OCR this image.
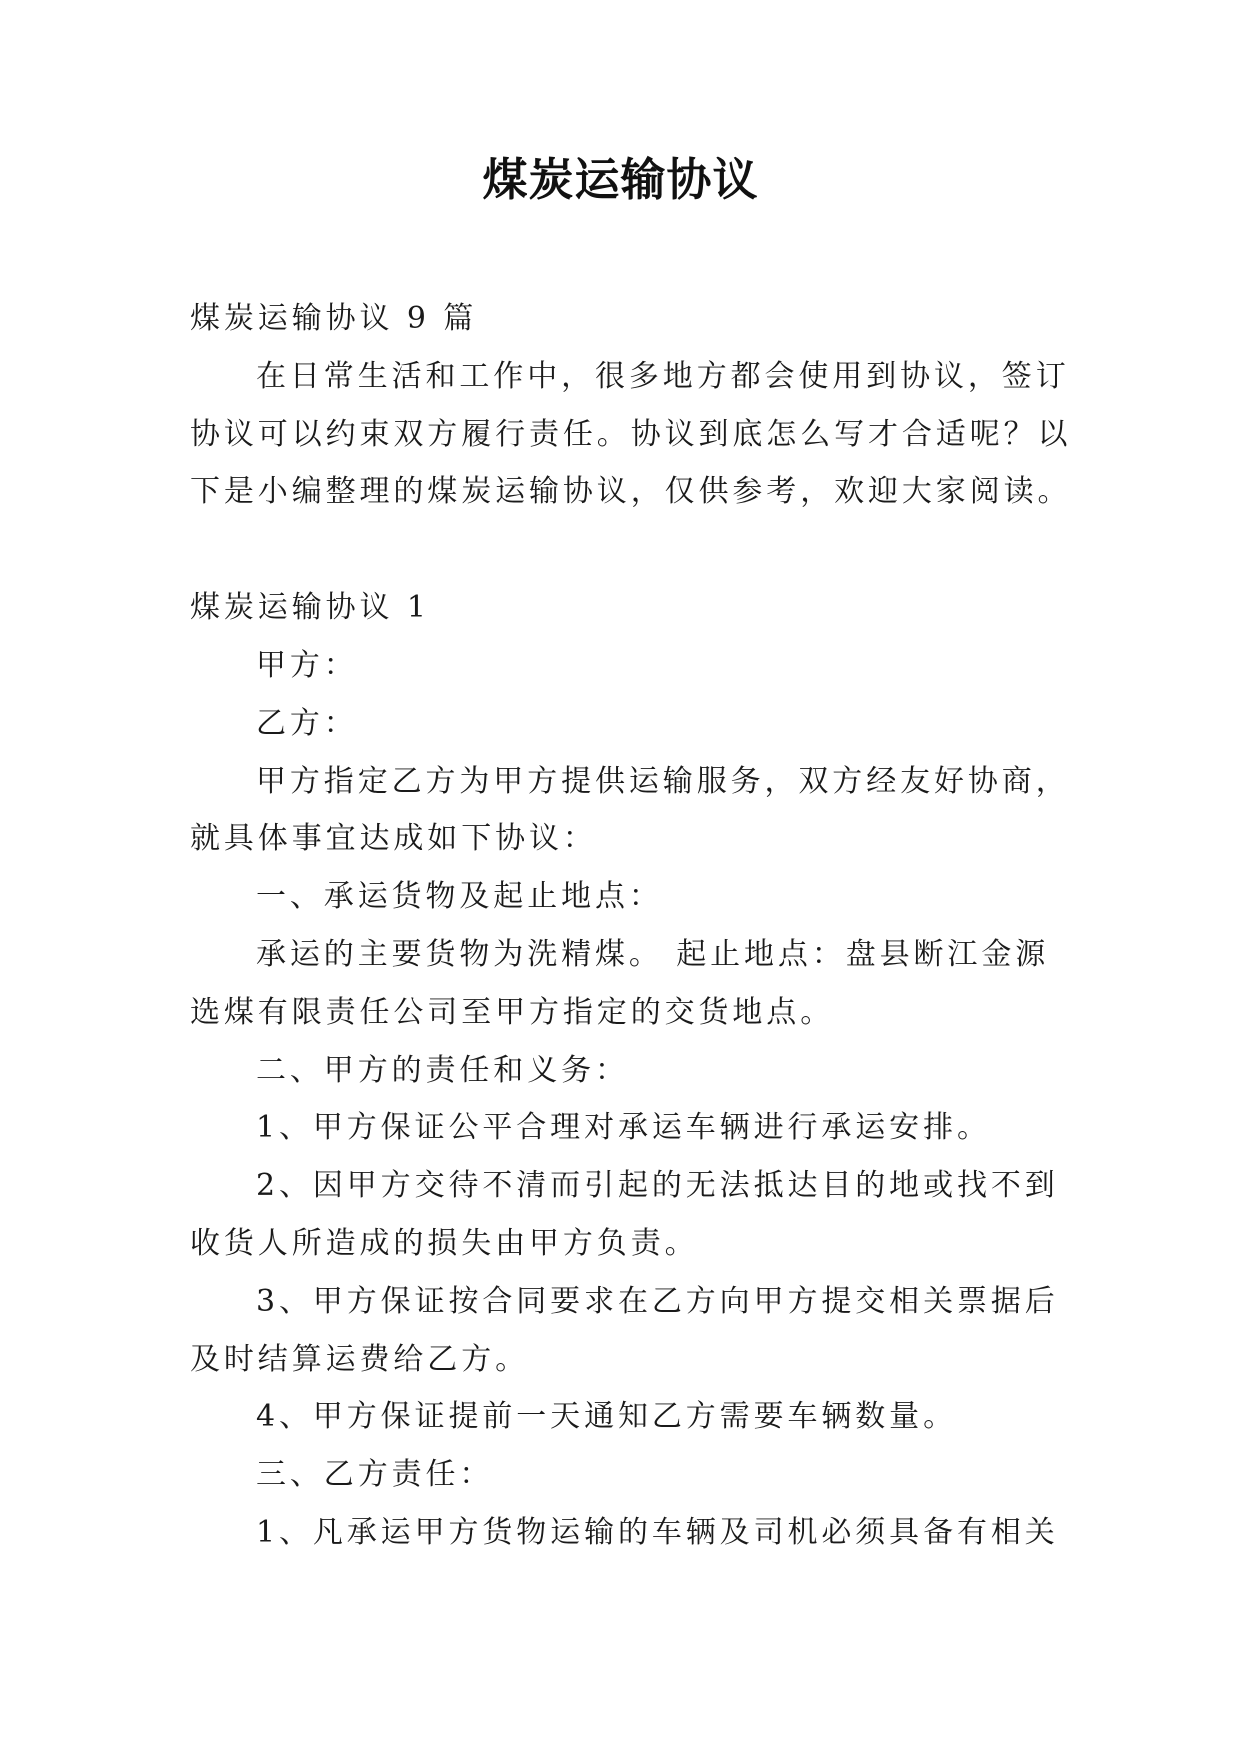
煤炭运输协议

煤炭运输协议 9 篇

在日常生活和工作中，很多地方都会使用到协议，签订

协议可以约束双方履行责任。协议到底怎么写才合适呢？以

下是小编整理的煤炭运输协议，仅供参考，欢迎大家阅读。

煤炭运输协议 1

甲方：

乙方：

甲方指定乙方为甲方提供运输服务，双方经友好协商，

就具体事宜达成如下协议：

一、承运货物及起止地点：

承运的主要货物为洗精煤。 起止地点：盘县断江金源

选煤有限责任公司至甲方指定的交货地点。

二、甲方的责任和义务：

1、甲方保证公平合理对承运车辆进行承运安排。

2、因甲方交待不清而引起的无法抵达目的地或找不到

收货人所造成的损失由甲方负责。

3、甲方保证按合同要求在乙方向甲方提交相关票据后

及时结算运费给乙方。

4、甲方保证提前一天通知乙方需要车辆数量。

三、乙方责任：

1、凡承运甲方货物运输的车辆及司机必须具备有相关
